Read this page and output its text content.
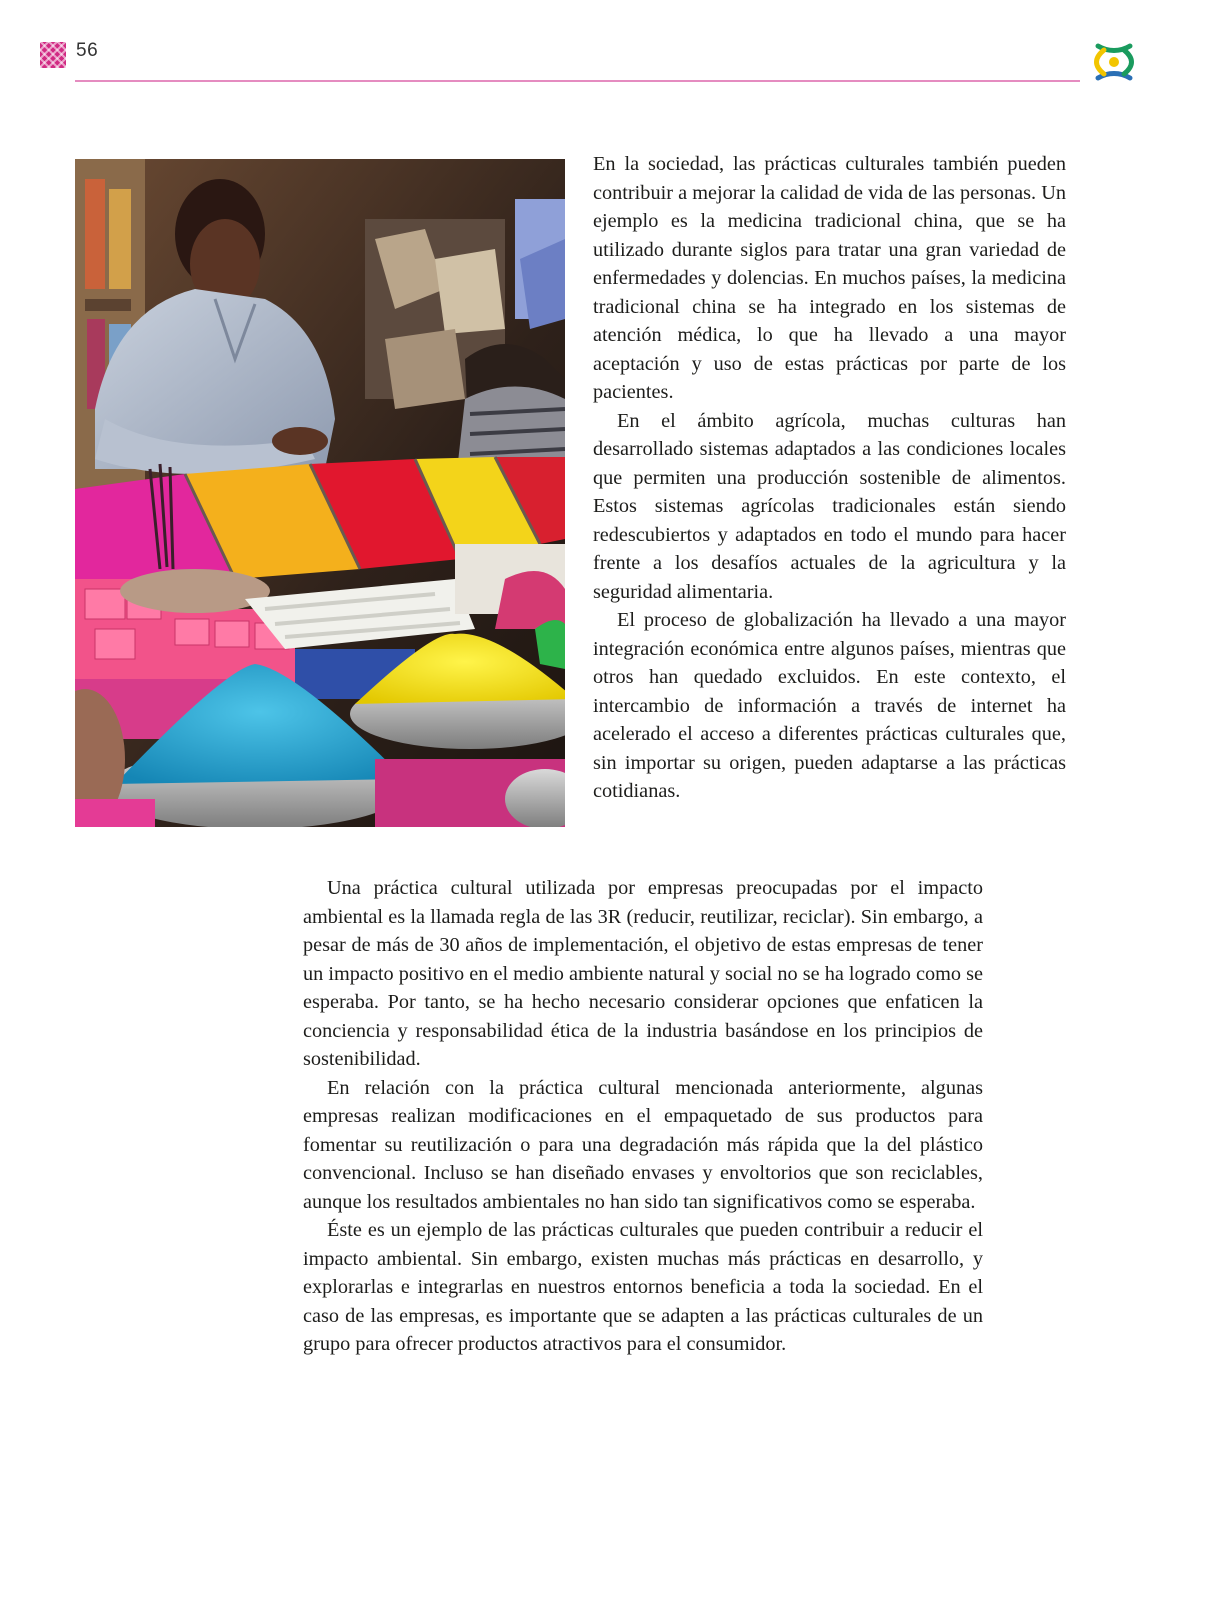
56

En la sociedad, las prácticas culturales también pueden contribuir a mejorar la calidad de vida de las personas. Un ejemplo es la medicina tradicional china, que se ha utilizado durante siglos para tratar una gran variedad de enfermedades y dolencias. En muchos países, la medicina tradicional china se ha integrado en los sistemas de atención médica, lo que ha llevado a una mayor aceptación y uso de estas prácticas por parte de los pacientes.

En el ámbito agrícola, muchas culturas han desarrollado sistemas adaptados a las condiciones locales que permiten una producción sostenible de alimentos. Estos sistemas agrícolas tradicionales están siendo redescubiertos y adaptados en todo el mundo para hacer frente a los desafíos actuales de la agricultura y la seguridad alimentaria.

El proceso de globalización ha llevado a una mayor integración económica entre algunos países, mientras que otros han quedado excluidos. En este contexto, el intercambio de información a través de internet ha acelerado el acceso a diferentes prácticas culturales que, sin importar su origen, pueden adaptarse a las prácticas cotidianas.

Una práctica cultural utilizada por empresas preocupadas por el impacto ambiental es la llamada regla de las 3R (reducir, reutilizar, reciclar). Sin embargo, a pesar de más de 30 años de implementación, el objetivo de estas empresas de tener un impacto positivo en el medio ambiente natural y social no se ha logrado como se esperaba. Por tanto, se ha hecho necesario considerar opciones que enfaticen la conciencia y responsabilidad ética de la industria basándose en los principios de sostenibilidad.

En relación con la práctica cultural mencionada anteriormente, algunas empresas realizan modificaciones en el empaquetado de sus productos para fomentar su reutilización o para una degradación más rápida que la del plástico convencional. Incluso se han diseñado envases y envoltorios que son reciclables, aunque los resultados ambientales no han sido tan significativos como se esperaba.

Éste es un ejemplo de las prácticas culturales que pueden contribuir a reducir el impacto ambiental. Sin embargo, existen muchas más prácticas en desarrollo, y explorarlas e integrarlas en nuestros entornos beneficia a toda la sociedad. En el caso de las empresas, es importante que se adapten a las prácticas culturales de un grupo para ofrecer productos atractivos para el consumidor.
